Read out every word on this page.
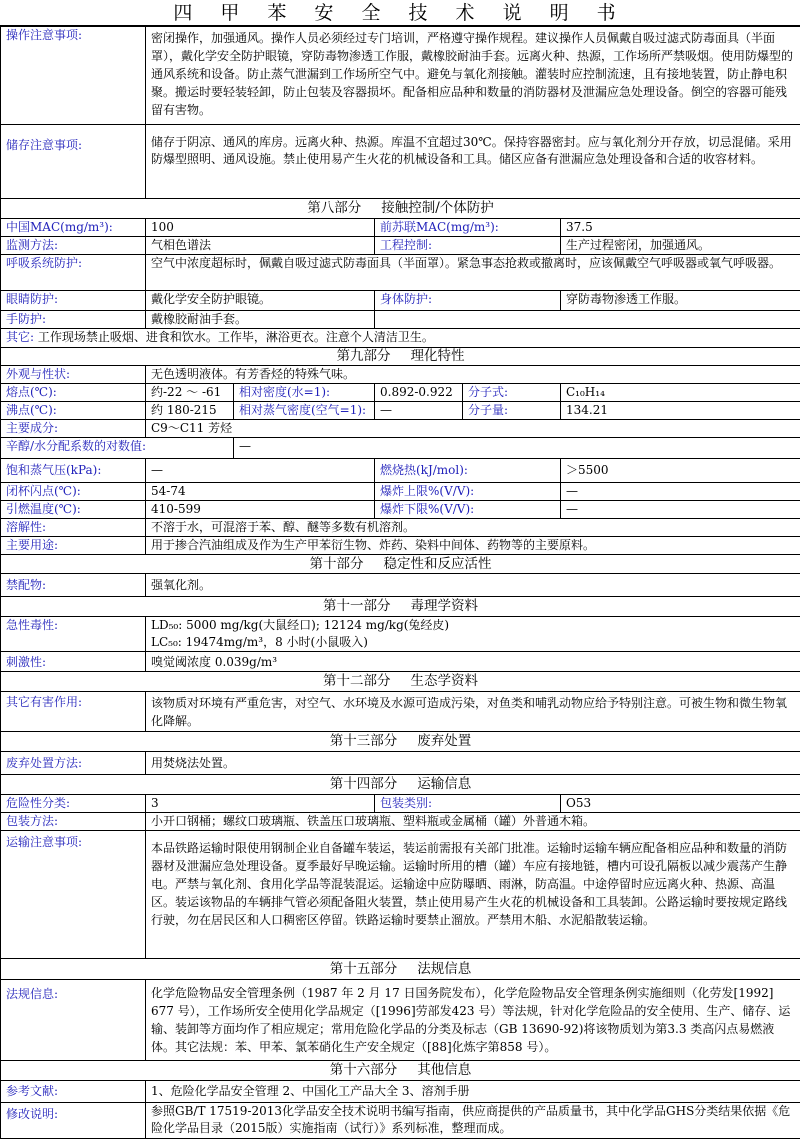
四 甲 苯 安 全 技 术 说 明 书
操作注意事项:	密闭操作，加强通风。操作人员必须经过专门培训，严格遵守操作规程。建议操作人员佩戴自吸过滤式防毒面具（半面罩），戴化学安全防护眼镜，穿防毒物渗透工作服，戴橡胶耐油手套。远离火种、热源，工作场所严禁吸烟。使用防爆型的通风系统和设备。防止蒸气泄漏到工作场所空气中。避免与氧化剂接触。灌装时应控制流速，且有接地装置，防止静电积聚。搬运时要轻装轻卸，防止包装及容器损坏。配备相应品种和数量的消防器材及泄漏应急处理设备。倒空的容器可能残留有害物。				
储存注意事项:	储存于阴凉、通风的库房。远离火种、热源。库温不宜超过30℃。保持容器密封。应与氧化剂分开存放，切忌混储。采用防爆型照明、通风设施。禁止使用易产生火花的机械设备和工具。储区应备有泄漏应急处理设备和合适的收容材料。				
第八部分 接触控制/个体防护					
中国MAC(mg/m³):	100		前苏联MAC(mg/m³):		37.5
监测方法:	气相色谱法		工程控制:		生产过程密闭，加强通风。
呼吸系统防护:	空气中浓度超标时，佩戴自吸过滤式防毒面具（半面罩）。紧急事态抢救或撤离时，应该佩戴空气呼吸器或氧气呼吸器。				
眼睛防护:	戴化学安全防护眼镜。		身体防护:		穿防毒物渗透工作服。
手防护:	戴橡胶耐油手套。				
其它: 工作现场禁止吸烟、进食和饮水。工作毕，淋浴更衣。注意个人清洁卫生。					
第九部分 理化特性					
外观与性状:	无色透明液体。有芳香烃的特殊气味。				
熔点(℃):	约-22 ～ -61	相对密度(水=1):	0.892-0.922	分子式:	C₁₀H₁₄
沸点(℃):	约 180-215	相对蒸气密度(空气=1):	—	分子量:	134.21
主要成分:	C9～C11 芳烃				
辛醇/水分配系数的对数值:		—			
饱和蒸气压(kPa):	—		燃烧热(kJ/mol):		＞5500
闭杯闪点(℃):	54-74		爆炸上限%(V/V):		—
引燃温度(℃):	410-599		爆炸下限%(V/V):		—
溶解性:	不溶于水，可混溶于苯、醇、醚等多数有机溶剂。				
主要用途:	用于掺合汽油组成及作为生产甲苯衍生物、炸药、染料中间体、药物等的主要原料。				
第十部分 稳定性和反应活性					
禁配物:	强氧化剂。				
第十一部分 毒理学资料					
急性毒性:	LD₅₀: 5000 mg/kg(大鼠经口); 12124 mg/kg(兔经皮)
LC₅₀: 19474mg/m³，8 小时(小鼠吸入)				

刺激性:	嗅觉阈浓度 0.039g/m³				
第十二部分 生态学资料					
其它有害作用:	该物质对环境有严重危害，对空气、水环境及水源可造成污染，对鱼类和哺乳动物应给予特别注意。可被生物和微生物氧化降解。				
第十三部分 废弃处置					
废弃处置方法:	用焚烧法处置。				
第十四部分 运输信息					
危险性分类:	3		包装类别:		O53
包装方法:	小开口钢桶；螺纹口玻璃瓶、铁盖压口玻璃瓶、塑料瓶或金属桶（罐）外普通木箱。				
运输注意事项:	本品铁路运输时限使用钢制企业自备罐车装运，装运前需报有关部门批准。运输时运输车辆应配备相应品种和数量的消防器材及泄漏应急处理设备。夏季最好早晚运输。运输时所用的槽（罐）车应有接地链，槽内可设孔隔板以减少震荡产生静电。严禁与氧化剂、食用化学品等混装混运。运输途中应防曝晒、雨淋，防高温。中途停留时应远离火种、热源、高温区。装运该物品的车辆排气管必须配备阻火装置，禁止使用易产生火花的机械设备和工具装卸。公路运输时要按规定路线行驶，勿在居民区和人口稠密区停留。铁路运输时要禁止溜放。严禁用木船、水泥船散装运输。				
第十五部分 法规信息					
法规信息:	化学危险物品安全管理条例（1987 年 2 月 17 日国务院发布），化学危险物品安全管理条例实施细则（化劳发[1992] 677 号），工作场所安全使用化学品规定（[1996]劳部发423 号）等法规，针对化学危险品的安全使用、生产、储存、运输、装卸等方面均作了相应规定；常用危险化学品的分类及标志（GB 13690-92)将该物质划为第3.3 类高闪点易燃液体。其它法规：苯、甲苯、氯苯硝化生产安全规定（[88]化炼字第858 号）。				
第十六部分 其他信息					
参考文献:	1、危险化学品安全管理 2、中国化工产品大全 3、溶剂手册				
修改说明:	参照GB/T 17519-2013化学品安全技术说明书编写指南，供应商提供的产品质量书，其中化学品GHS分类结果依据《危险化学品目录（2015版）实施指南（试行）》系列标准，整理而成。				
